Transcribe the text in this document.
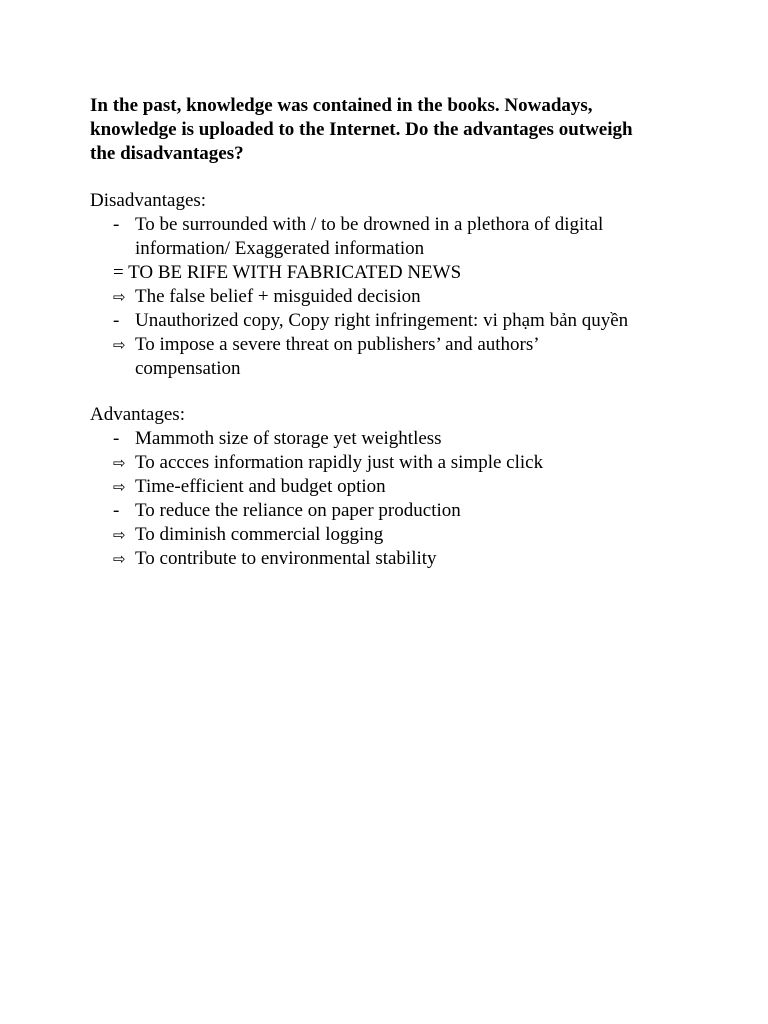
In the past, knowledge was contained in the books. Nowadays,
knowledge is uploaded to the Internet. Do the advantages outweigh
the disadvantages?
Disadvantages:
- To be surrounded with / to be drowned in a plethora of digital information/ Exaggerated information
= TO BE RIFE WITH FABRICATED NEWS
⇨ The false belief + misguided decision
- Unauthorized copy, Copy right infringement: vi phạm bản quyền
⇨ To impose a severe threat on publishers’ and authors’ compensation
Advantages:
- Mammoth size of storage yet weightless
⇨ To accces information rapidly just with a simple click
⇨ Time-efficient and budget option
- To reduce the reliance on paper production
⇨ To diminish commercial logging
⇨ To contribute to environmental stability
